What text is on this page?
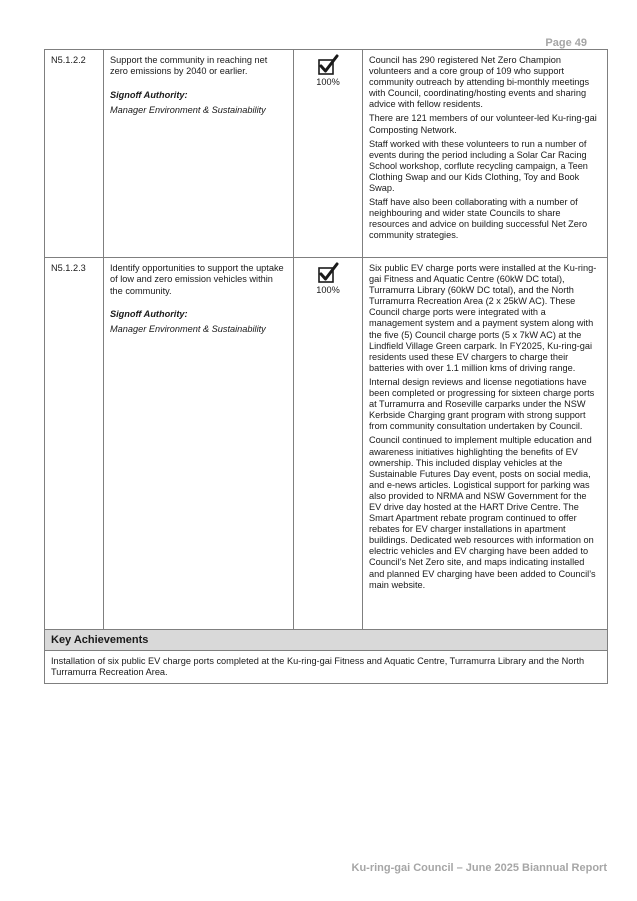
Page 49
N5.1.2.2	Support the community in reaching net zero emissions by 2040 or earlier.
Signoff Authority:
Manager Environment & Sustainability
100%

Council has 290 registered Net Zero Champion volunteers and a core group of 109 who support community outreach by attending bi-monthly meetings with Council, coordinating/hosting events and sharing advice with fellow residents.

There are 121 members of our volunteer-led Ku-ring-gai Composting Network.

Staff worked with these volunteers to run a number of events during the period including a Solar Car Racing School workshop, corflute recycling campaign, a Teen Clothing Swap and our Kids Clothing, Toy and Book Swap.

Staff have also been collaborating with a number of neighbouring and wider state Councils to share resources and advice on building successful Net Zero community strategies.

N5.1.2.3	Identify opportunities to support the uptake of low and zero emission vehicles within the community.
Signoff Authority:
Manager Environment & Sustainability
100%

Six public EV charge ports were installed at the Ku-ring-gai Fitness and Aquatic Centre (60kW DC total), Turramurra Library (60kW DC total), and the North Turramurra Recreation Area (2 x 25kW AC). These Council charge ports were integrated with a management system and a payment system along with the five (5) Council charge ports (5 x 7kW AC) at the Lindfield Village Green carpark. In FY2025, Ku-ring-gai residents used these EV chargers to charge their batteries with over 1.1 million kms of driving range.

Internal design reviews and license negotiations have been completed or progressing for sixteen charge ports at Turramurra and Roseville carparks under the NSW Kerbside Charging grant program with strong support from community consultation undertaken by Council.

Council continued to implement multiple education and awareness initiatives highlighting the benefits of EV ownership. This included display vehicles at the Sustainable Futures Day event, posts on social media, and e-news articles. Logistical support for parking was also provided to NRMA and NSW Government for the EV drive day hosted at the HART Drive Centre. The Smart Apartment rebate program continued to offer rebates for EV charger installations in apartment buildings. Dedicated web resources with information on electric vehicles and EV charging have been added to Council’s Net Zero site, and maps indicating installed and planned EV charging have been added to Council’s main website.

Key Achievements
Installation of six public EV charge ports completed at the Ku-ring-gai Fitness and Aquatic Centre, Turramurra Library and the North Turramurra Recreation Area.
Ku-ring-gai Council – June 2025 Biannual Report
